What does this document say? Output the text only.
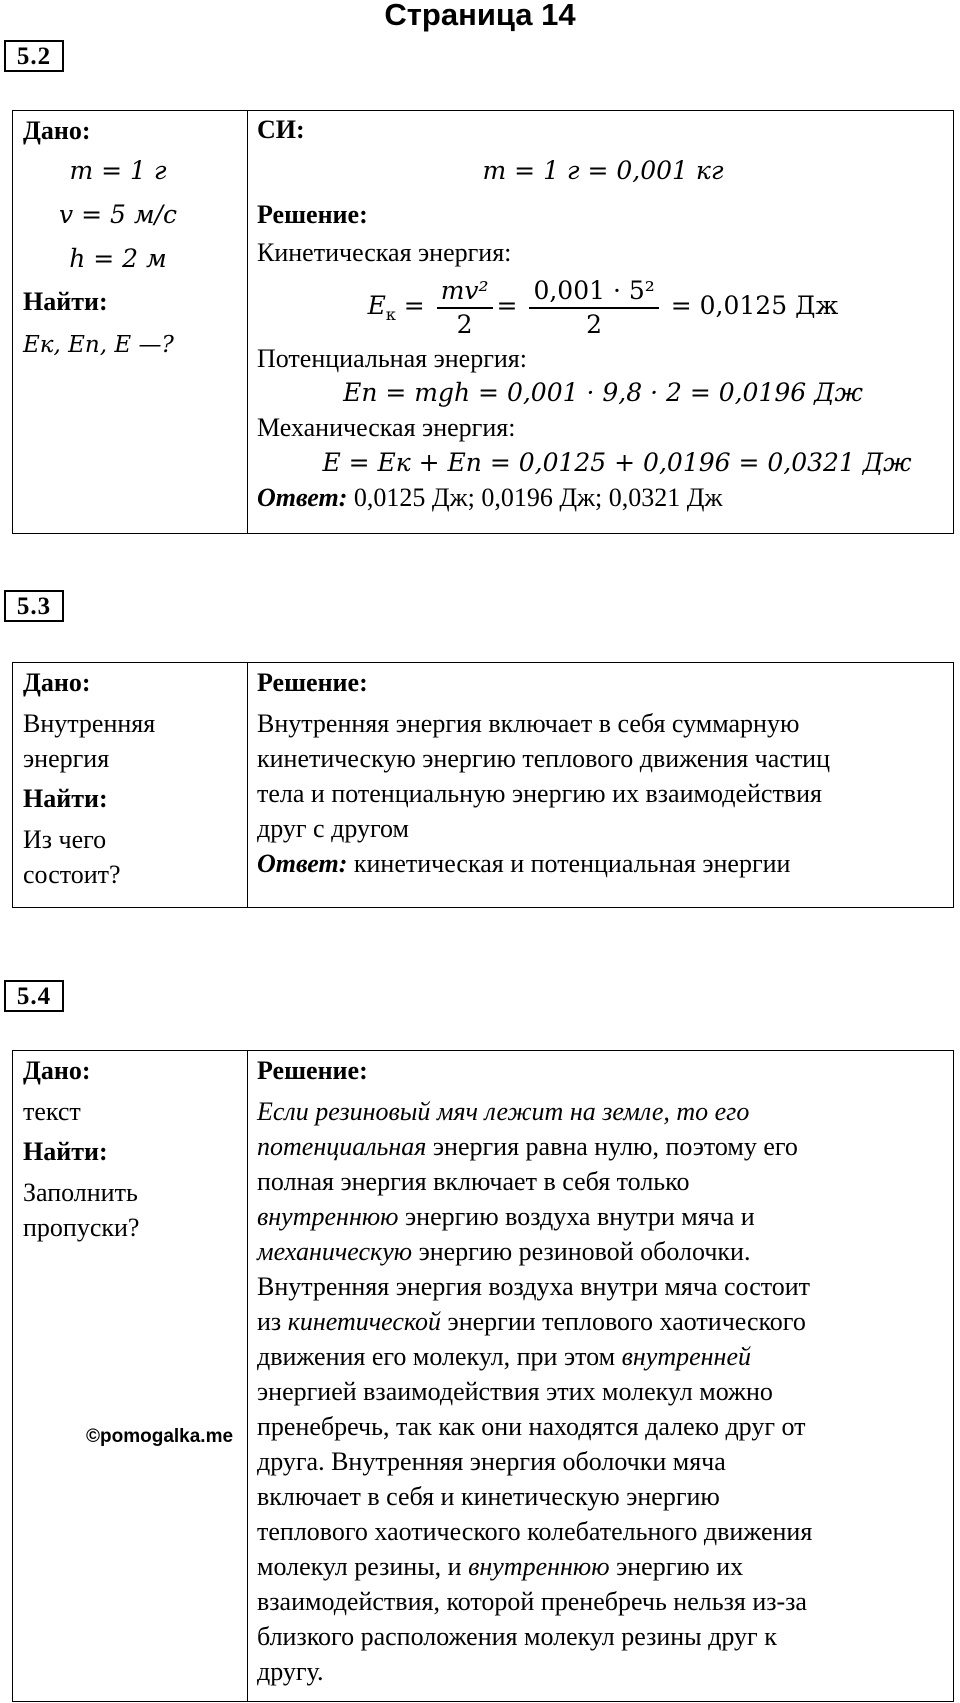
Страница 14
5.2
Дано:
m = 1 г
v = 5 м/с
h = 2 м
Найти:
Eк, Eп, E —?
СИ:
m = 1 г = 0,001 кг
Решение:
Кинетическая энергия:
$E_к = \frac{\text{mv²}}{2} = \frac{\text{0,001 · 5²}}{2} = 0,0125$ Дж
Потенциальная энергия:
Eп = mgh = 0,001 · 9,8 · 2 = 0,0196 Дж
Механическая энергия:
E = Eк + Eп = 0,0125 + 0,0196 = 0,0321 Дж
Ответ: 0,0125 Дж; 0,0196 Дж; 0,0321 Дж
5.3
Дано:
Внутренняя
энергия
Найти:
Из чего
состоит?
Решение:
Внутренняя энергия включает в себя суммарную
кинетическую энергию теплового движения частиц
тела и потенциальную энергию их взаимодействия
друг с другом
Ответ: кинетическая и потенциальная энергии
5.4
Дано:
текст
Найти:
Заполнить
пропуски?
Решение:
Если резиновый мяч лежит на земле, то его
потенциальная энергия равна нулю, поэтому его
полная энергия включает в себя только
внутреннюю энергию воздуха внутри мяча и
механическую энергию резиновой оболочки.
Внутренняя энергия воздуха внутри мяча состоит
из кинетической энергии теплового хаотического
движения его молекул, при этом внутренней
энергией взаимодействия этих молекул можно
пренебречь, так как они находятся далеко друг от
друга. Внутренняя энергия оболочки мяча
включает в себя и кинетическую энергию
теплового хаотического колебательного движения
молекул резины, и внутреннюю энергию их
взаимодействия, которой пренебречь нельзя из-за
близкого расположения молекул резины друг к
другу.
©pomogalka.me
